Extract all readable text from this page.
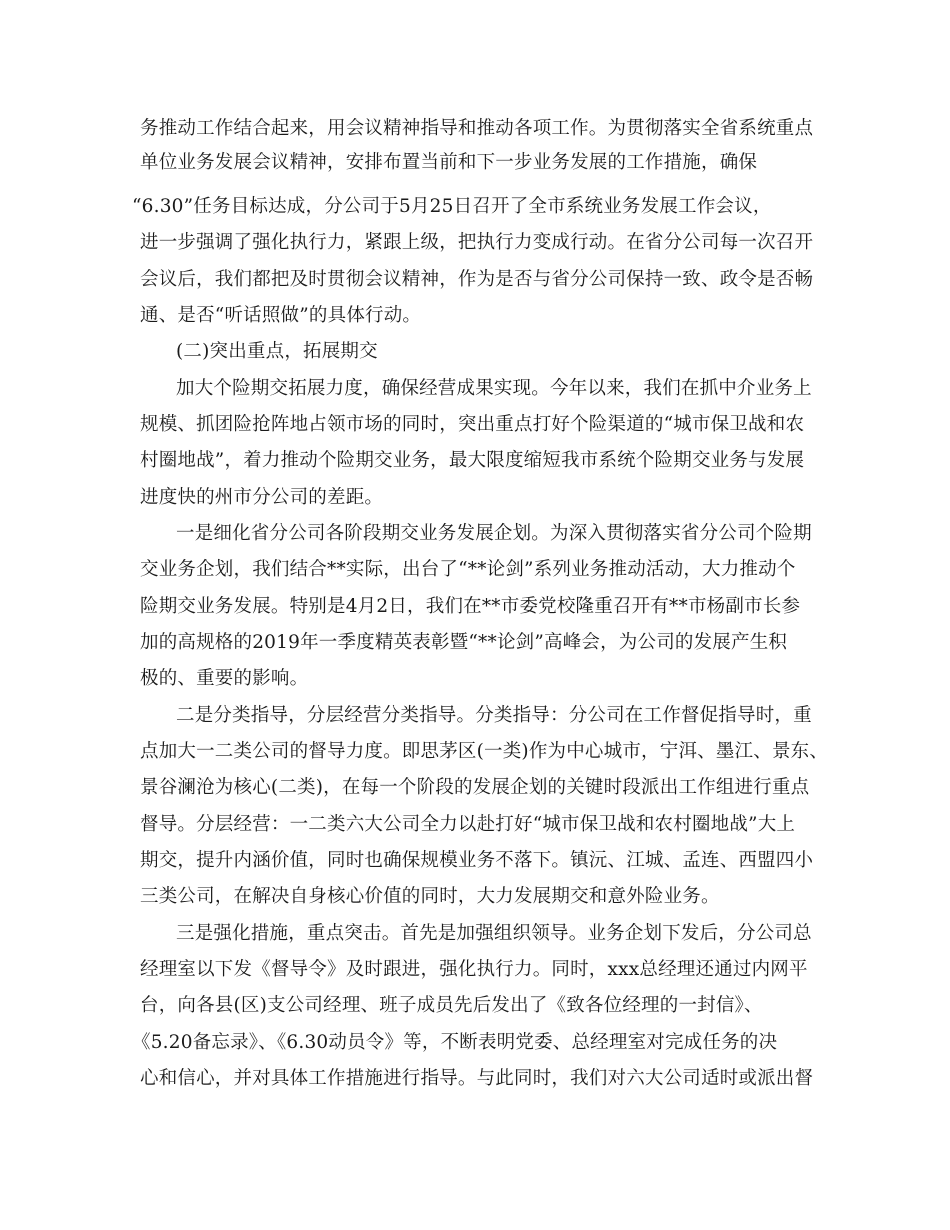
务推动工作结合起来，用会议精神指导和推动各项工作。为贯彻落实全省系统重点
单位业务发展会议精神，安排布置当前和下一步业务发展的工作措施，确保
“6.30”任务目标达成，分公司于5月25日召开了全市系统业务发展工作会议，
进一步强调了强化执行力，紧跟上级，把执行力变成行动。在省分公司每一次召开
会议后，我们都把及时贯彻会议精神，作为是否与省分公司保持一致、政令是否畅
通、是否“听话照做”的具体行动。
(二)突出重点，拓展期交
加大个险期交拓展力度，确保经营成果实现。今年以来，我们在抓中介业务上
规模、抓团险抢阵地占领市场的同时，突出重点打好个险渠道的“城市保卫战和农
村圈地战”，着力推动个险期交业务，最大限度缩短我市系统个险期交业务与发展
进度快的州市分公司的差距。
一是细化省分公司各阶段期交业务发展企划。为深入贯彻落实省分公司个险期
交业务企划，我们结合**实际，出台了“**论剑”系列业务推动活动，大力推动个
险期交业务发展。特别是4月2日，我们在**市委党校隆重召开有**市杨副市长参
加的高规格的2019年一季度精英表彰暨“**论剑”高峰会，为公司的发展产生积
极的、重要的影响。
二是分类指导，分层经营分类指导。分类指导：分公司在工作督促指导时，重
点加大一二类公司的督导力度。即思茅区(一类)作为中心城市，宁洱、墨江、景东、
景谷澜沧为核心(二类)，在每一个阶段的发展企划的关键时段派出工作组进行重点
督导。分层经营：一二类六大公司全力以赴打好“城市保卫战和农村圈地战”大上
期交，提升内涵价值，同时也确保规模业务不落下。镇沅、江城、孟连、西盟四小
三类公司，在解决自身核心价值的同时，大力发展期交和意外险业务。
三是强化措施，重点突击。首先是加强组织领导。业务企划下发后，分公司总
经理室以下发《督导令》及时跟进，强化执行力。同时，xxx总经理还通过内网平
台，向各县(区)支公司经理、班子成员先后发出了《致各位经理的一封信》、
《5.20备忘录》、《6.30动员令》等，不断表明党委、总经理室对完成任务的决
心和信心，并对具体工作措施进行指导。与此同时，我们对六大公司适时或派出督
